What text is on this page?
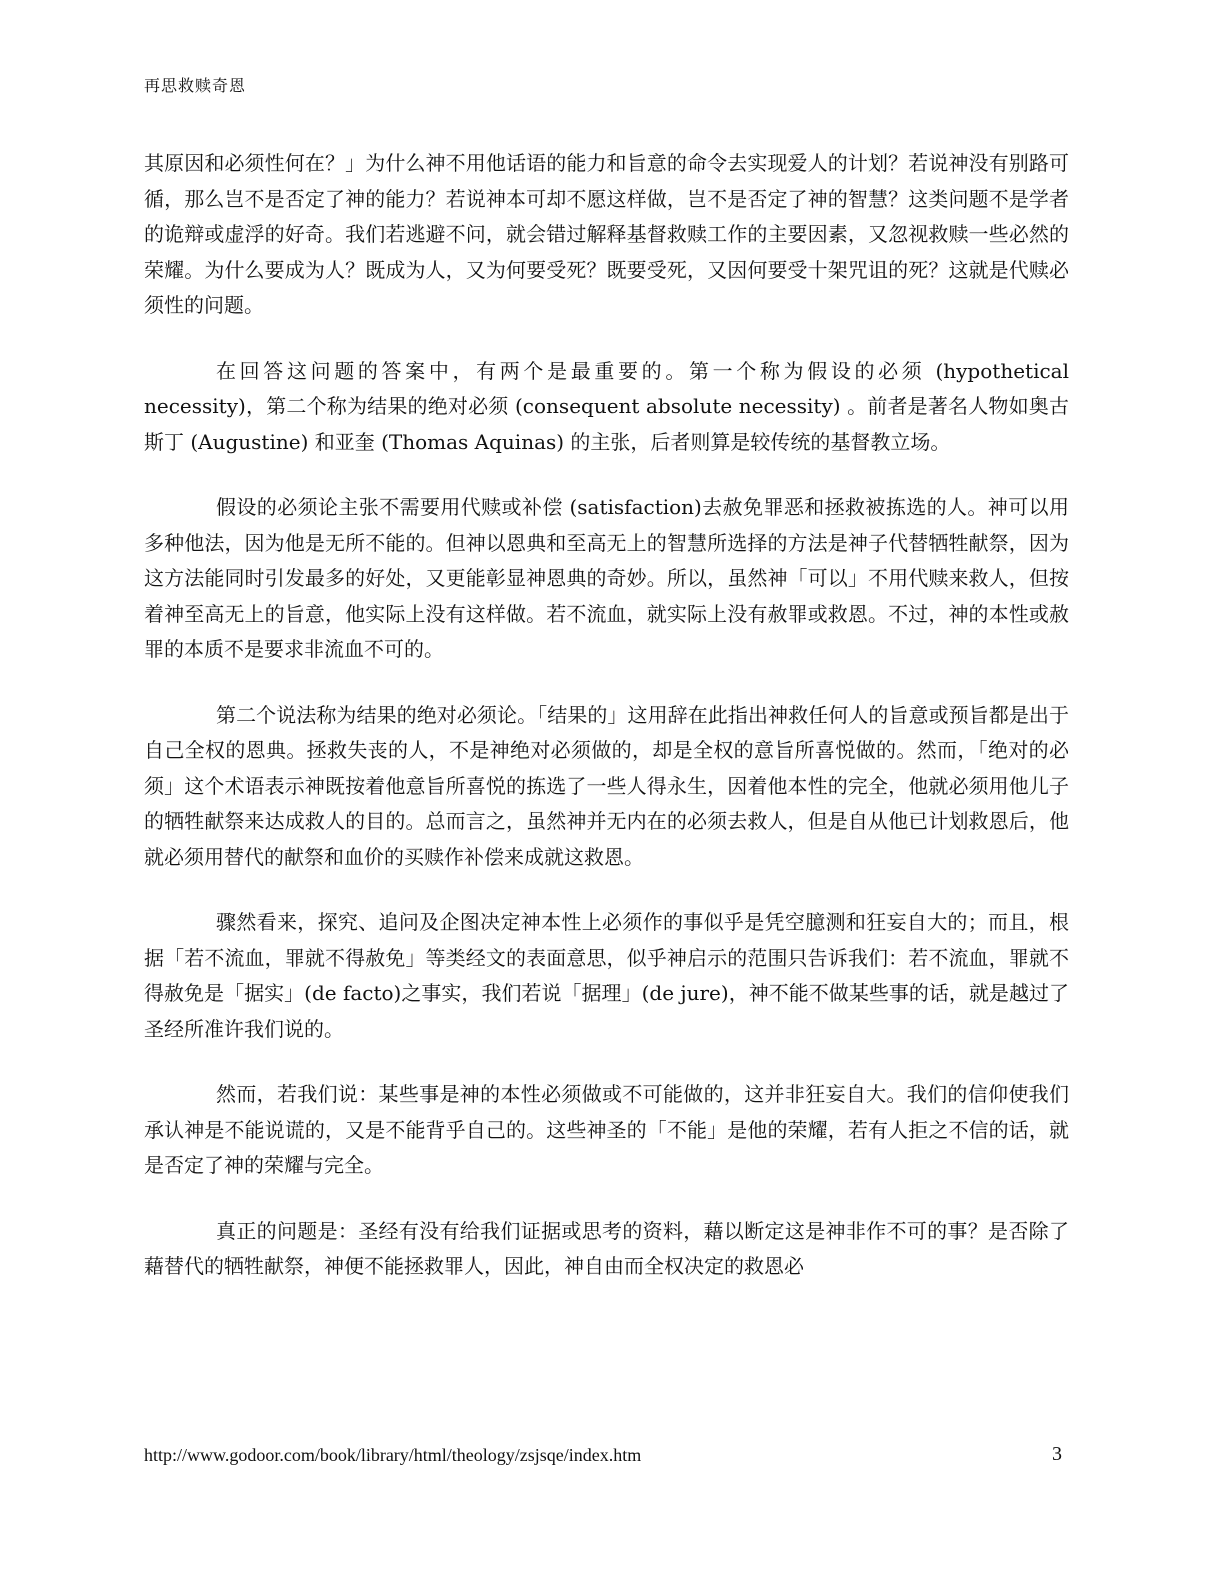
再思救赎奇恩

其原因和必须性何在？」为什么神不用他话语的能力和旨意的命令去实现爱人的计划？若说神没有别路可循，那么岂不是否定了神的能力？若说神本可却不愿这样做，岂不是否定了神的智慧？这类问题不是学者的诡辩或虚浮的好奇。我们若逃避不问，就会错过解释基督救赎工作的主要因素，又忽视救赎一些必然的荣耀。为什么要成为人？既成为人，又为何要受死？既要受死，又因何要受十架咒诅的死？这就是代赎必须性的问题。

在回答这问题的答案中，有两个是最重要的。第一个称为假设的必须 (hypothetical necessity)，第二个称为结果的绝对必须 (consequent absolute necessity) 。前者是著名人物如奥古斯丁 (Augustine) 和亚奎 (Thomas Aquinas) 的主张，后者则算是较传统的基督教立场。

假设的必须论主张不需要用代赎或补偿 (satisfaction)去赦免罪恶和拯救被拣选的人。神可以用多种他法，因为他是无所不能的。但神以恩典和至高无上的智慧所选择的方法是神子代替牺牲献祭，因为这方法能同时引发最多的好处，又更能彰显神恩典的奇妙。所以，虽然神「可以」不用代赎来救人，但按着神至高无上的旨意，他实际上没有这样做。若不流血，就实际上没有赦罪或救恩。不过，神的本性或赦罪的本质不是要求非流血不可的。

第二个说法称为结果的绝对必须论。「结果的」这用辞在此指出神救任何人的旨意或预旨都是出于自己全权的恩典。拯救失丧的人，不是神绝对必须做的，却是全权的意旨所喜悦做的。然而，「绝对的必须」这个术语表示神既按着他意旨所喜悦的拣选了一些人得永生，因着他本性的完全，他就必须用他儿子的牺牲献祭来达成救人的目的。总而言之，虽然神并无内在的必须去救人，但是自从他已计划救恩后，他就必须用替代的献祭和血价的买赎作补偿来成就这救恩。

骤然看来，探究、追问及企图决定神本性上必须作的事似乎是凭空臆测和狂妄自大的；而且，根据「若不流血，罪就不得赦免」等类经文的表面意思，似乎神启示的范围只告诉我们：若不流血，罪就不得赦免是「据实」(de facto)之事实，我们若说「据理」(de jure)，神不能不做某些事的话，就是越过了圣经所准许我们说的。

然而，若我们说：某些事是神的本性必须做或不可能做的，这并非狂妄自大。我们的信仰使我们承认神是不能说谎的，又是不能背乎自己的。这些神圣的「不能」是他的荣耀，若有人拒之不信的话，就是否定了神的荣耀与完全。

真正的问题是：圣经有没有给我们证据或思考的资料，藉以断定这是神非作不可的事？是否除了藉替代的牺牲献祭，神便不能拯救罪人，因此，神自由而全权决定的救恩必

http://www.godoor.com/book/library/html/theology/zsjsqe/index.htm	3
